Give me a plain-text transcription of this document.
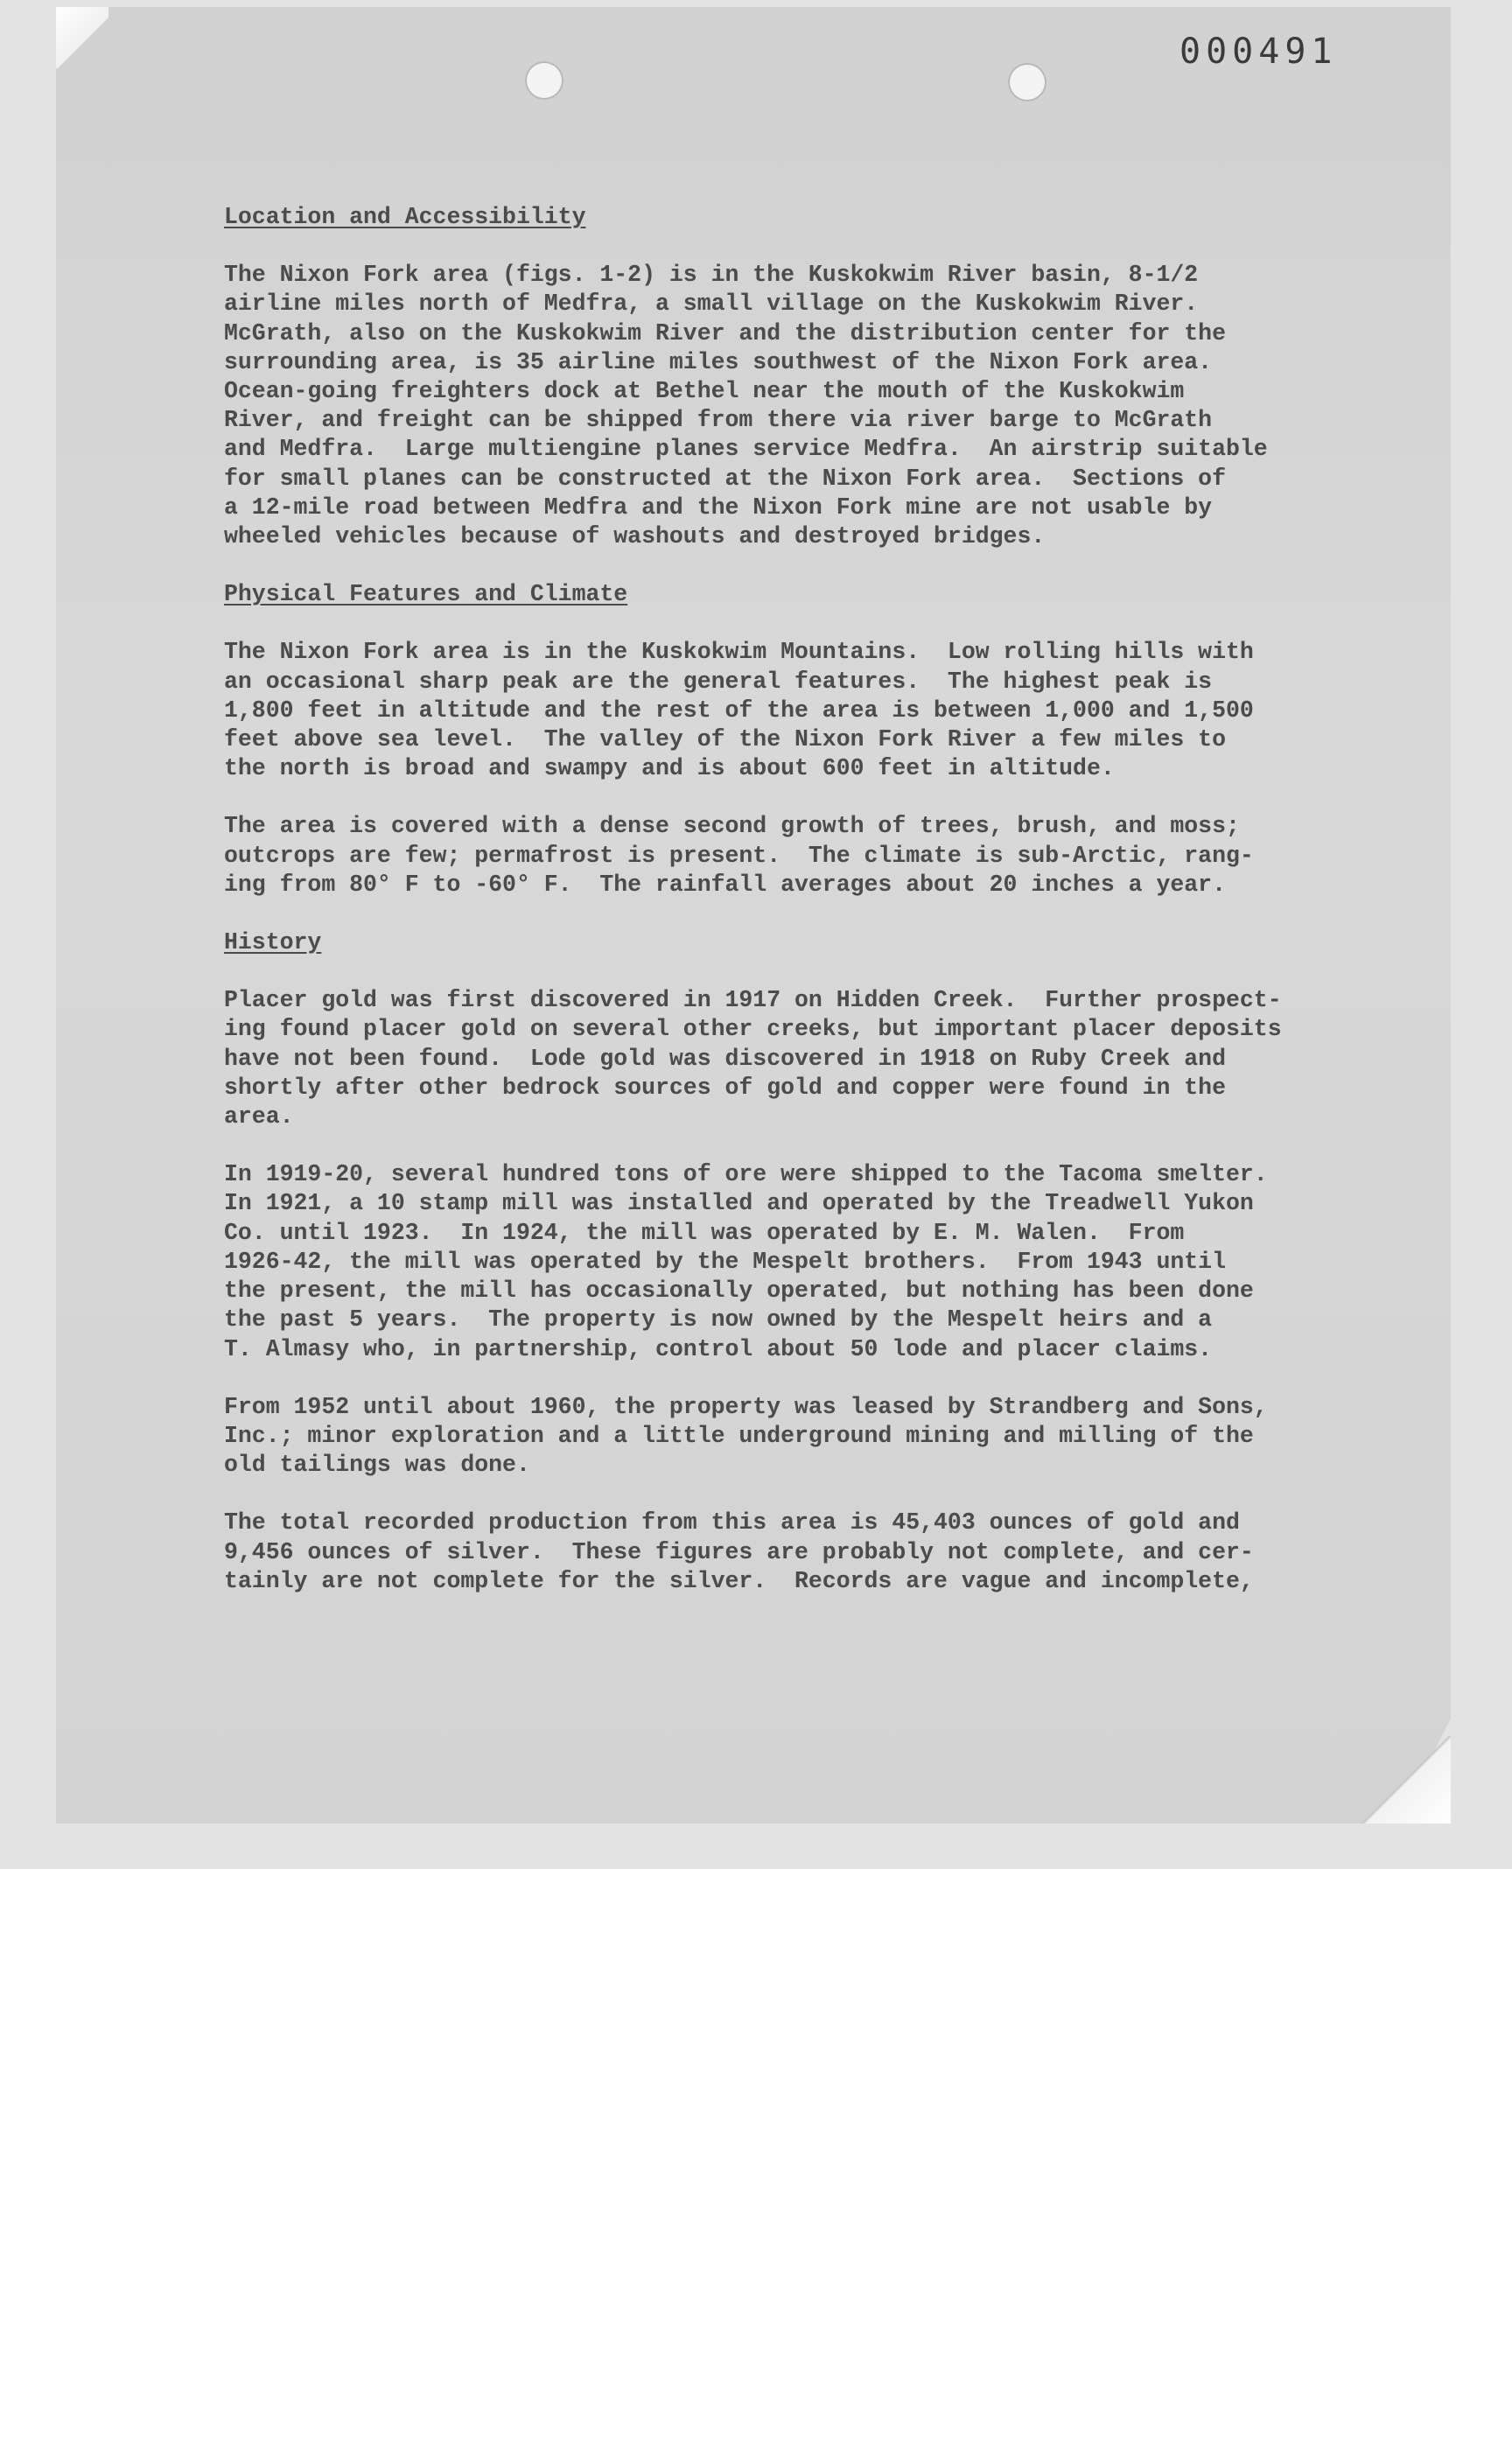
000491
Location and Accessibility
The Nixon Fork area (figs. 1-2) is in the Kuskokwim River basin, 8-1/2
airline miles north of Medfra, a small village on the Kuskokwim River.
McGrath, also on the Kuskokwim River and the distribution center for the
surrounding area, is 35 airline miles southwest of the Nixon Fork area.
Ocean-going freighters dock at Bethel near the mouth of the Kuskokwim
River, and freight can be shipped from there via river barge to McGrath
and Medfra.  Large multiengine planes service Medfra.  An airstrip suitable
for small planes can be constructed at the Nixon Fork area.  Sections of
a 12-mile road between Medfra and the Nixon Fork mine are not usable by
wheeled vehicles because of washouts and destroyed bridges.
Physical Features and Climate
The Nixon Fork area is in the Kuskokwim Mountains.  Low rolling hills with
an occasional sharp peak are the general features.  The highest peak is
1,800 feet in altitude and the rest of the area is between 1,000 and 1,500
feet above sea level.  The valley of the Nixon Fork River a few miles to
the north is broad and swampy and is about 600 feet in altitude.
The area is covered with a dense second growth of trees, brush, and moss;
outcrops are few; permafrost is present.  The climate is sub-Arctic, rang-
ing from 80° F to -60° F.  The rainfall averages about 20 inches a year.
History
Placer gold was first discovered in 1917 on Hidden Creek.  Further prospect-
ing found placer gold on several other creeks, but important placer deposits
have not been found.  Lode gold was discovered in 1918 on Ruby Creek and
shortly after other bedrock sources of gold and copper were found in the
area.
In 1919-20, several hundred tons of ore were shipped to the Tacoma smelter.
In 1921, a 10 stamp mill was installed and operated by the Treadwell Yukon
Co. until 1923.  In 1924, the mill was operated by E. M. Walen.  From
1926-42, the mill was operated by the Mespelt brothers.  From 1943 until
the present, the mill has occasionally operated, but nothing has been done
the past 5 years.  The property is now owned by the Mespelt heirs and a
T. Almasy who, in partnership, control about 50 lode and placer claims.
From 1952 until about 1960, the property was leased by Strandberg and Sons,
Inc.; minor exploration and a little underground mining and milling of the
old tailings was done.
The total recorded production from this area is 45,403 ounces of gold and
9,456 ounces of silver.  These figures are probably not complete, and cer-
tainly are not complete for the silver.  Records are vague and incomplete,
